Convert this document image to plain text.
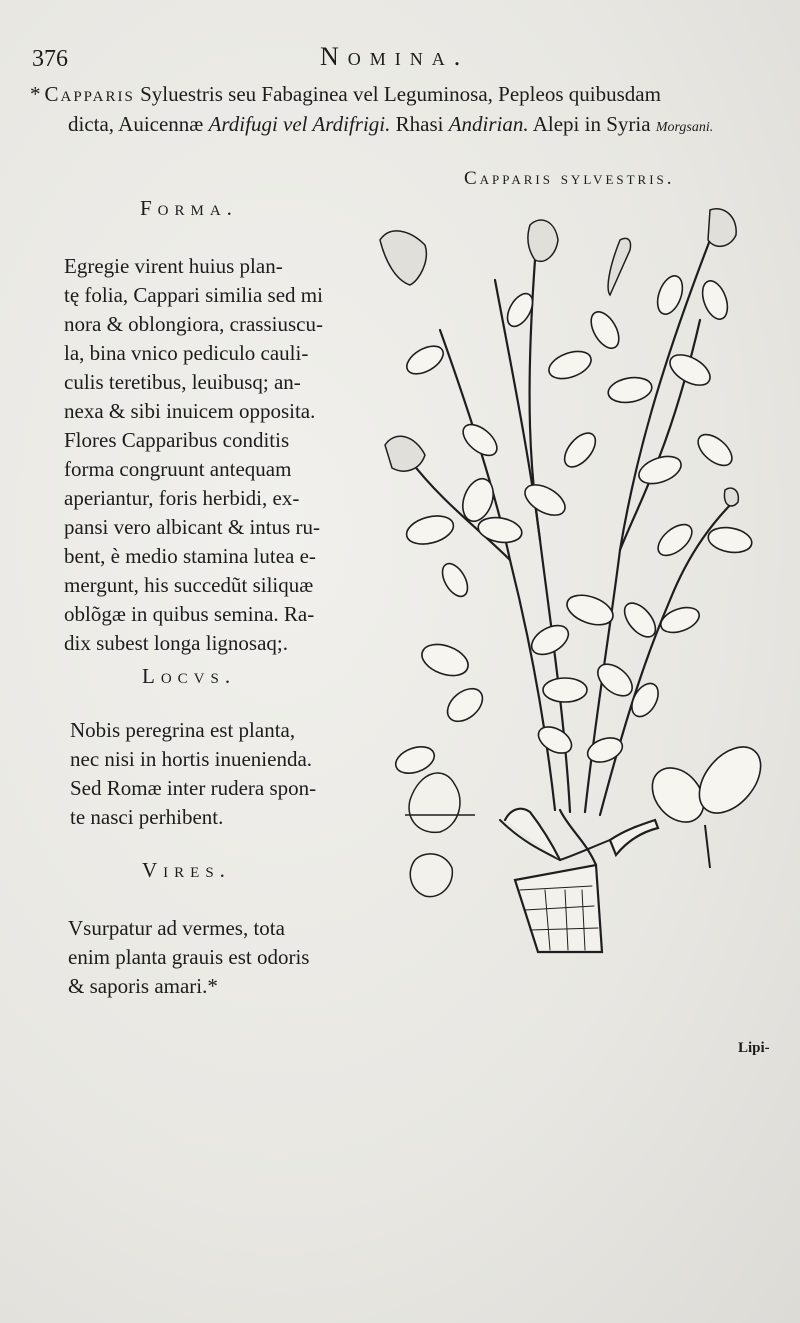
376	Nomina.
* Capparis Syluestris seu Fabaginea vel Leguminosa, Pepleos quibusdam
dicta, Auicennæ Ardifugi vel Ardifrigi. Rhasi Andirian. Alepi in Syria Morgsani.
Capparis sylvestris.
Forma.
Egregie virent huius plan-
tę folia, Cappari similia sed mi
nora & oblongiora, crassiuscu-
la, bina vnico pediculo cauli-
culis teretibus, leuibusq; an-
nexa & sibi inuicem opposita.
Flores Capparibus conditis
forma congruunt antequam
aperiantur, foris herbidi, ex-
pansi vero albicant & intus ru-
bent, è medio stamina lutea e-
mergunt, his succedũt siliquæ
oblõgæ in quibus semina. Ra-
dix subest longa lignosaq;.
Locvs.
Nobis peregrina est planta,
nec nisi in hortis inuenienda.
Sed Romæ inter rudera spon-
te nasci perhibent.
Vires.
Vsurpatur ad vermes, tota
enim planta grauis est odoris
& saporis amari.*
Lipi-
